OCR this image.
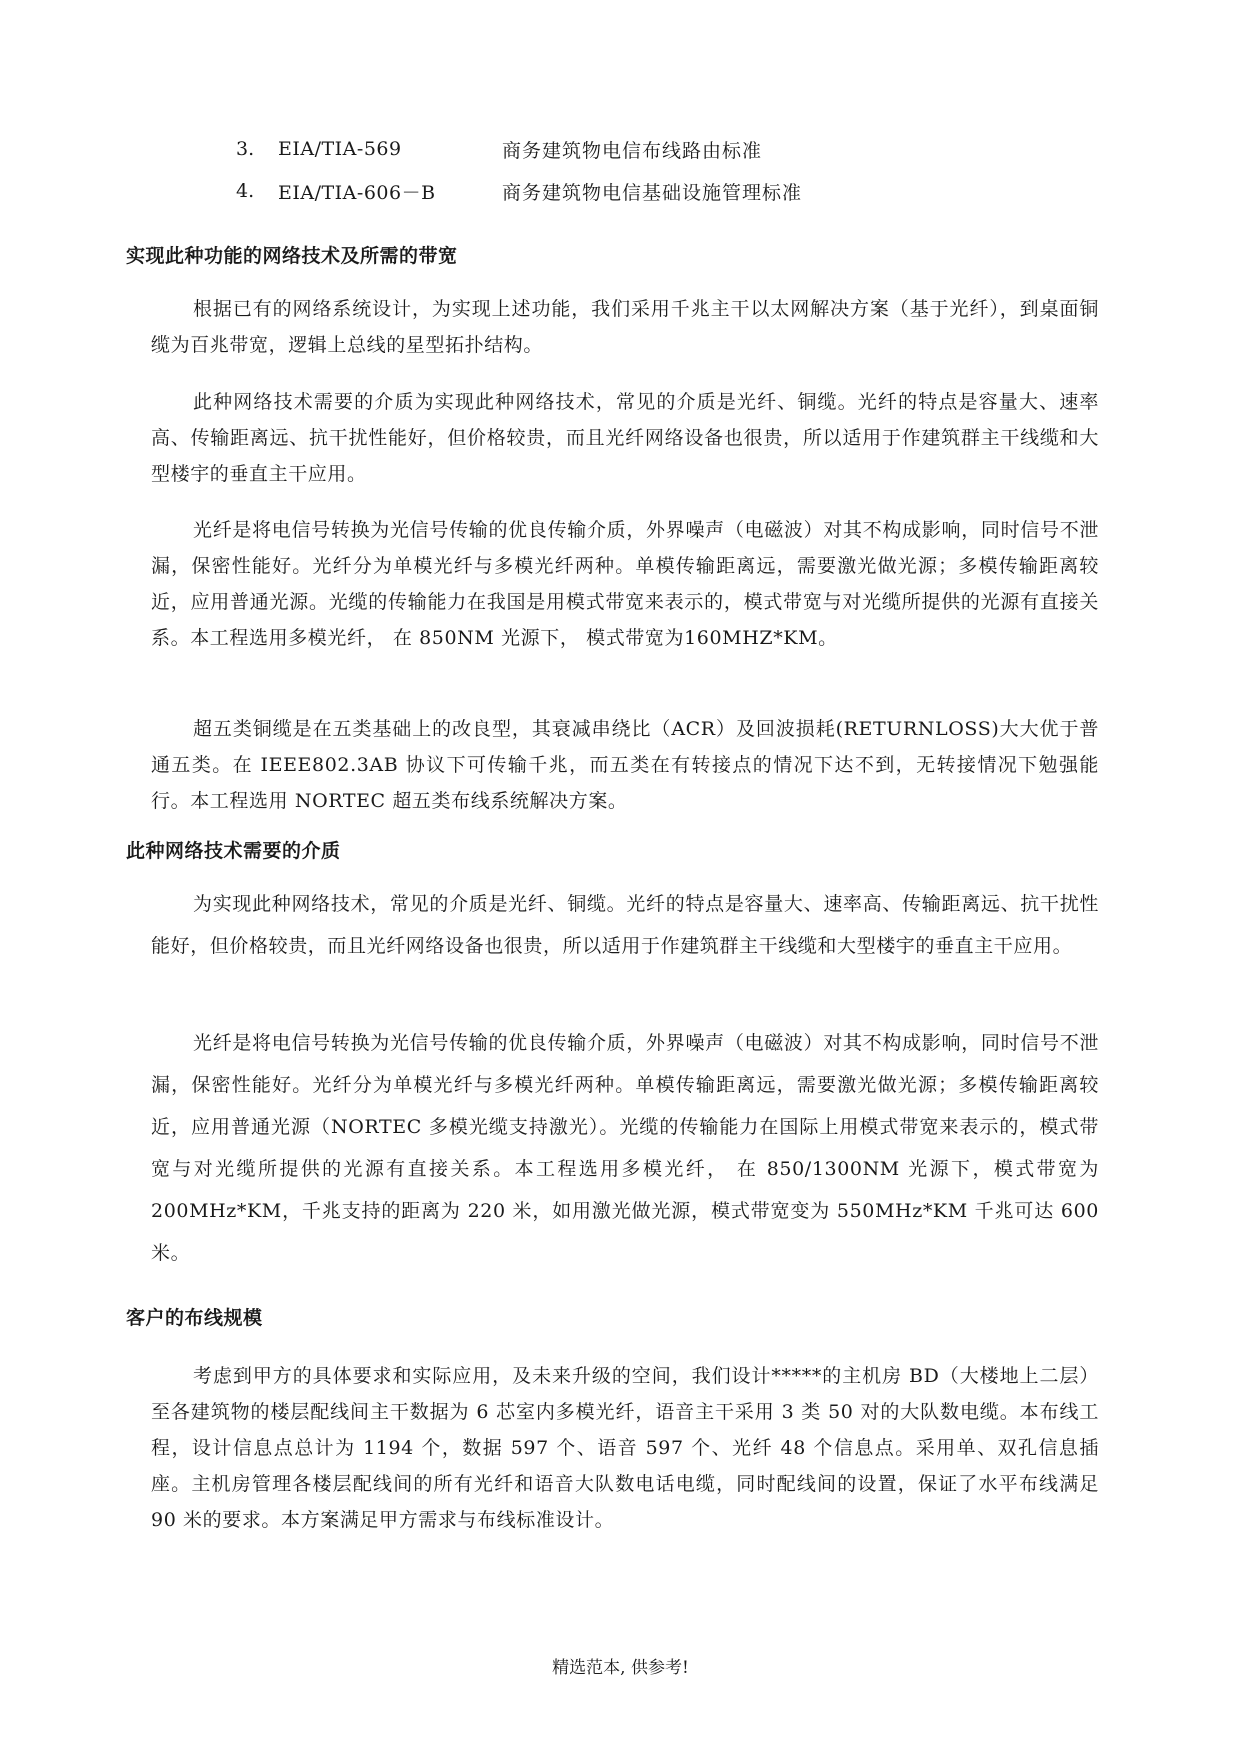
3.	EIA/TIA-569	商务建筑物电信布线路由标准
4.	EIA/TIA-606－B	商务建筑物电信基础设施管理标准
实现此种功能的网络技术及所需的带宽

根据已有的网络系统设计，为实现上述功能，我们采用千兆主干以太网解决方案（基于光纤），到桌面铜缆为百兆带宽，逻辑上总线的星型拓扑结构。

此种网络技术需要的介质为实现此种网络技术，常见的介质是光纤、铜缆。光纤的特点是容量大、速率高、传输距离远、抗干扰性能好，但价格较贵，而且光纤网络设备也很贵，所以适用于作建筑群主干线缆和大型楼宇的垂直主干应用。

光纤是将电信号转换为光信号传输的优良传输介质，外界噪声（电磁波）对其不构成影响，同时信号不泄漏，保密性能好。光纤分为单模光纤与多模光纤两种。单模传输距离远，需要激光做光源；多模传输距离较近，应用普通光源。光缆的传输能力在我国是用模式带宽来表示的，模式带宽与对光缆所提供的光源有直接关系。本工程选用多模光纤， 在 850NM 光源下， 模式带宽为160MHZ*KM。

超五类铜缆是在五类基础上的改良型，其衰减串绕比（ACR）及回波损耗(RETURNLOSS)大大优于普通五类。在 IEEE802.3AB 协议下可传输千兆，而五类在有转接点的情况下达不到，无转接情况下勉强能行。本工程选用 NORTEC 超五类布线系统解决方案。

此种网络技术需要的介质

为实现此种网络技术，常见的介质是光纤、铜缆。光纤的特点是容量大、速率高、传输距离远、抗干扰性能好，但价格较贵，而且光纤网络设备也很贵，所以适用于作建筑群主干线缆和大型楼宇的垂直主干应用。

光纤是将电信号转换为光信号传输的优良传输介质，外界噪声（电磁波）对其不构成影响，同时信号不泄漏，保密性能好。光纤分为单模光纤与多模光纤两种。单模传输距离远，需要激光做光源；多模传输距离较近，应用普通光源（NORTEC 多模光缆支持激光）。光缆的传输能力在国际上用模式带宽来表示的，模式带宽与对光缆所提供的光源有直接关系。本工程选用多模光纤， 在 850/1300NM 光源下，模式带宽为 200MHz*KM，千兆支持的距离为 220 米，如用激光做光源，模式带宽变为 550MHz*KM 千兆可达 600 米。

客户的布线规模

考虑到甲方的具体要求和实际应用，及未来升级的空间，我们设计*****的主机房 BD（大楼地上二层）至各建筑物的楼层配线间主干数据为 6 芯室内多模光纤，语音主干采用 3 类 50 对的大队数电缆。本布线工程，设计信息点总计为 1194 个，数据 597 个、语音 597 个、光纤 48 个信息点。采用单、双孔信息插座。主机房管理各楼层配线间的所有光纤和语音大队数电话电缆，同时配线间的设置，保证了水平布线满足 90 米的要求。本方案满足甲方需求与布线标准设计。

精选范本, 供参考!
